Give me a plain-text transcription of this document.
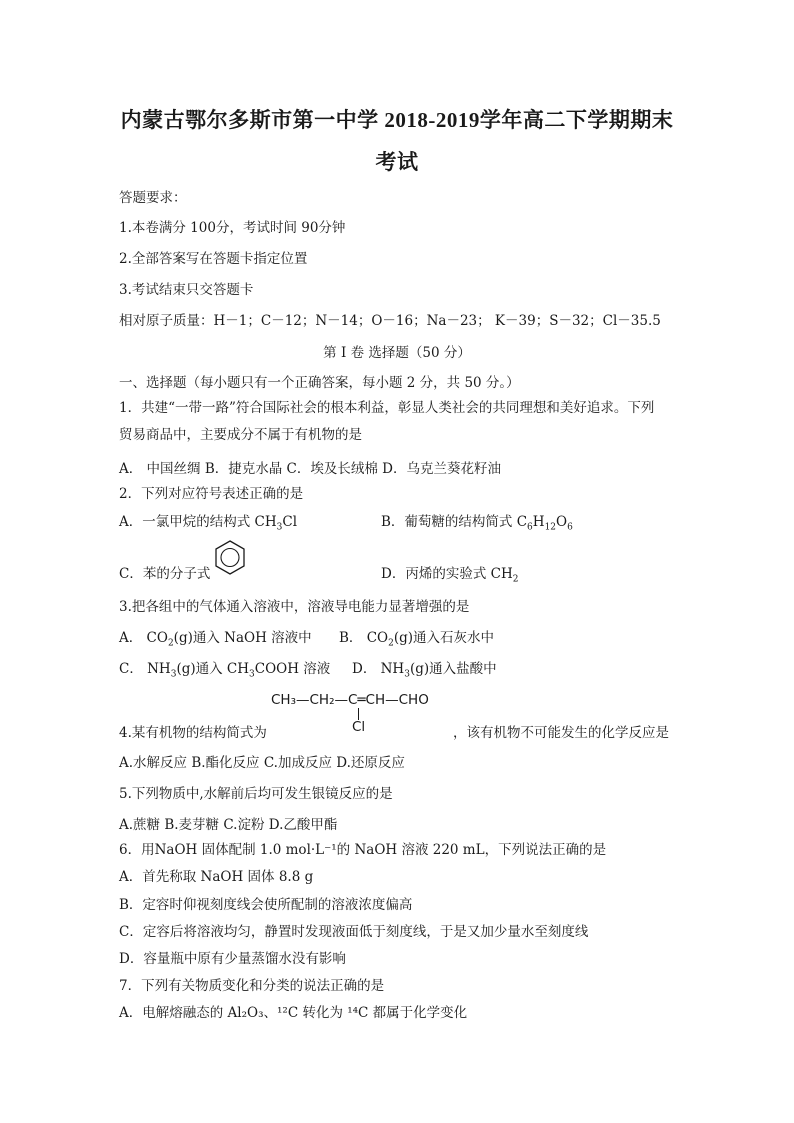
内蒙古鄂尔多斯市第一中学 2018-2019学年高二下学期期末
考试
答题要求：
1.本卷满分 100分，考试时间 90分钟
2.全部答案写在答题卡指定位置
3.考试结束只交答题卡
相对原子质量：H－1；C－12；N－14；O－16；Na－23； K－39；S－32；Cl－35.5
第 I 卷 选择题（50 分）
一、选择题（每小题只有一个正确答案，每小题 2 分，共 50 分。）
1．共建“一带一路”符合国际社会的根本利益，彰显人类社会的共同理想和美好追求。下列
贸易商品中，主要成分不属于有机物的是
A． 中国丝绸 B．捷克水晶 C．埃及长绒棉 D．乌克兰葵花籽油
2．下列对应符号表述正确的是
A．一氯甲烷的结构式 $CH_3Cl$	B．葡萄糖的结构简式 $C_6H_{12}O_6$
C．苯的分子式	D．丙烯的实验式 $CH_2$
3.把各组中的气体通入溶液中，溶液导电能力显著增强的是
A． $CO_2(g)$通入 NaOH 溶液中 B． $CO_2(g)$通入石灰水中
C． $NH_3(g)$通入 $CH_3COOH$ 溶液 D． $NH_3(g)$通入盐酸中
CH₃—CH₂—C═CH—CHO
Cl
4.某有机物的结构简式为	，该有机物不可能发生的化学反应是
A.水解反应 B.酯化反应 C.加成反应 D.还原反应
5.下列物质中,水解前后均可发生银镜反应的是
A.蔗糖 B.麦芽糖 C.淀粉 D.乙酸甲酯
6．用NaOH 固体配制 1.0 mol·L⁻¹的 NaOH 溶液 220 mL，下列说法正确的是
A．首先称取 NaOH 固体 8.8 g
B．定容时仰视刻度线会使所配制的溶液浓度偏高
C．定容后将溶液均匀，静置时发现液面低于刻度线，于是又加少量水至刻度线
D．容量瓶中原有少量蒸馏水没有影响
7．下列有关物质变化和分类的说法正确的是
A．电解熔融态的 Al₂O₃、¹²C 转化为 ¹⁴C 都属于化学变化
